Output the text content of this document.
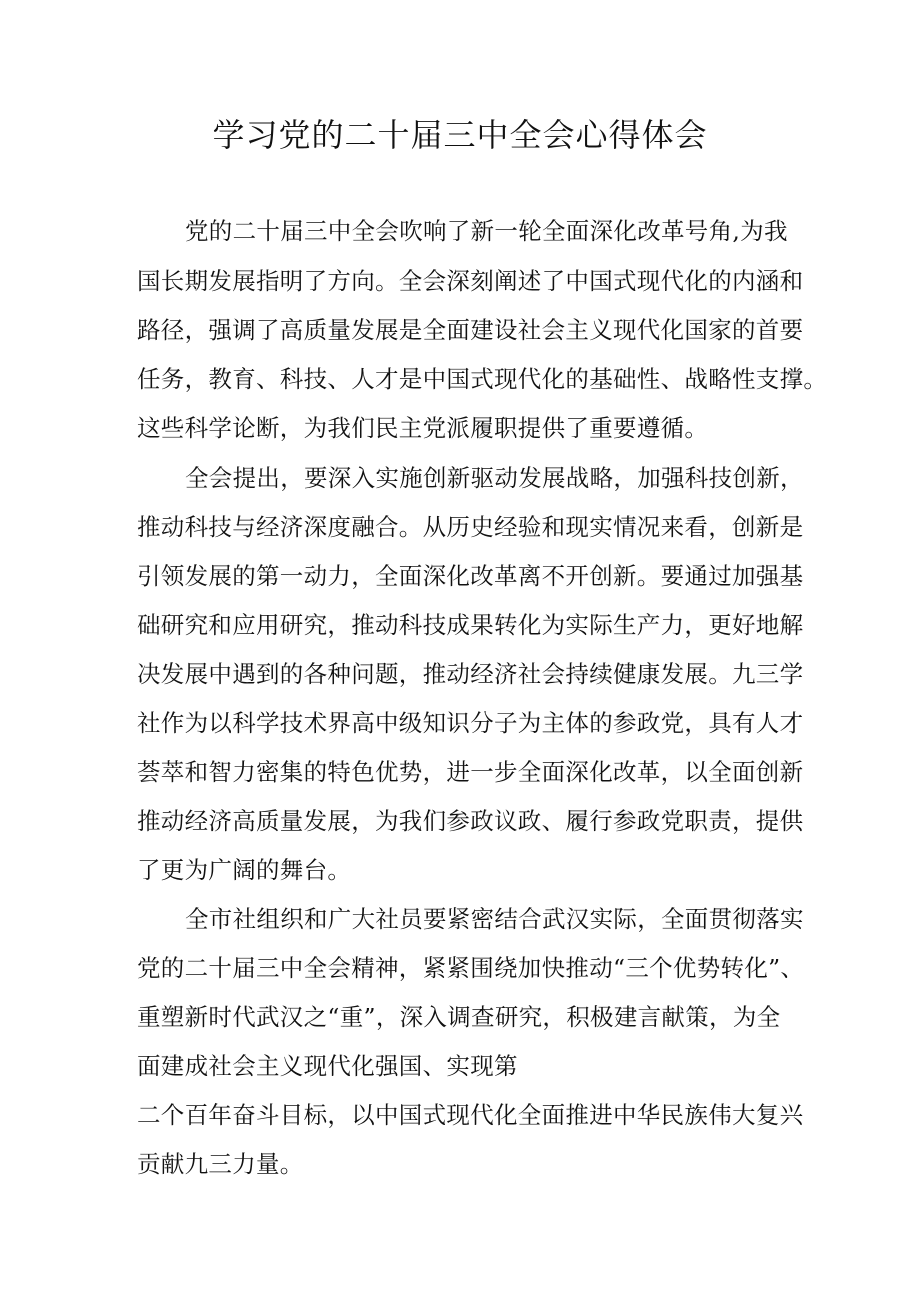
学习党的二十届三中全会心得体会
党的二十届三中全会吹响了新一轮全面深化改革号角,为我
国长期发展指明了方向。全会深刻阐述了中国式现代化的内涵和
路径，强调了高质量发展是全面建设社会主义现代化国家的首要
任务，教育、科技、人才是中国式现代化的基础性、战略性支撑。
这些科学论断，为我们民主党派履职提供了重要遵循。
全会提出，要深入实施创新驱动发展战略，加强科技创新，
推动科技与经济深度融合。从历史经验和现实情况来看，创新是
引领发展的第一动力，全面深化改革离不开创新。要通过加强基
础研究和应用研究，推动科技成果转化为实际生产力，更好地解
决发展中遇到的各种问题，推动经济社会持续健康发展。九三学
社作为以科学技术界高中级知识分子为主体的参政党，具有人才
荟萃和智力密集的特色优势，进一步全面深化改革，以全面创新
推动经济高质量发展，为我们参政议政、履行参政党职责，提供
了更为广阔的舞台。
全市社组织和广大社员要紧密结合武汉实际，全面贯彻落实
党的二十届三中全会精神，紧紧围绕加快推动“三个优势转化”、
重塑新时代武汉之“重”，深入调查研究，积极建言献策，为全
面建成社会主义现代化强国、实现第
二个百年奋斗目标，以中国式现代化全面推进中华民族伟大复兴
贡献九三力量。
